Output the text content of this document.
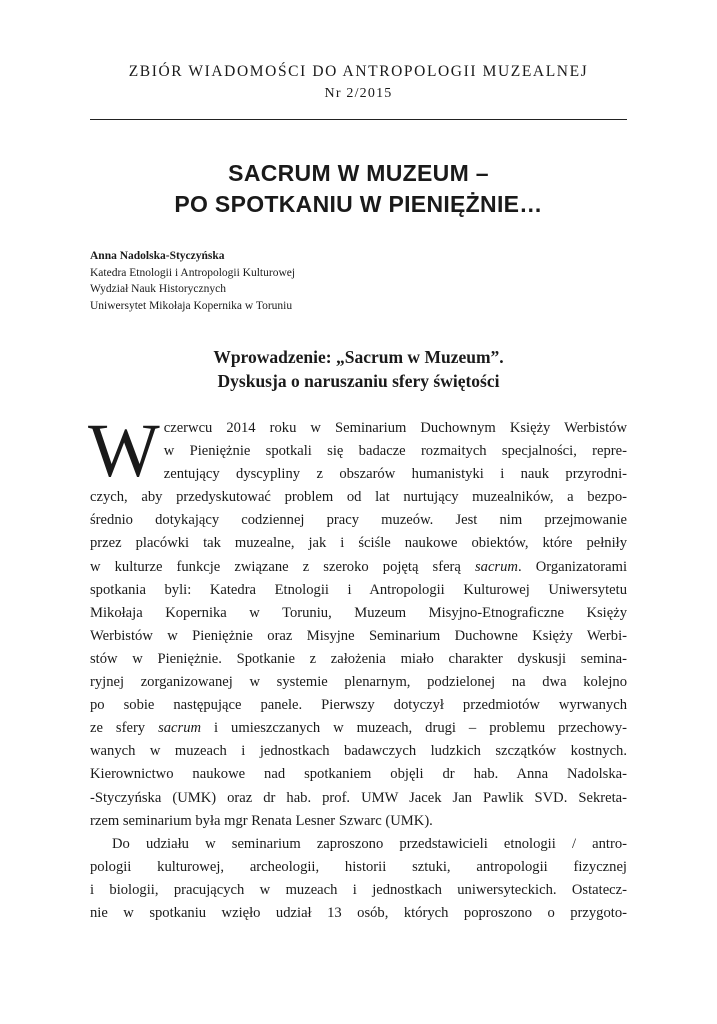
ZBIÓR WIADOMOŚCI DO ANTROPOLOGII MUZEALNEJ

Nr 2/2015

SACRUM W MUZEUM –
PO SPOTKANIU W PIENIĘŻNIE…
Anna Nadolska-Styczyńska
Katedra Etnologii i Antropologii Kulturowej
Wydział Nauk Historycznych
Uniwersytet Mikołaja Kopernika w Toruniu
Wprowadzenie: „Sacrum w Muzeum”.
Dyskusja o naruszaniu sfery świętości
W czerwcu 2014 roku w Seminarium Duchownym Księży Werbistów
w Pieniężnie spotkali się badacze rozmaitych specjalności, repre-
zentujący dyscypliny z obszarów humanistyki i nauk przyrodni-
czych, aby przedyskutować problem od lat nurtujący muzealników, a bezpo-
średnio dotykający codziennej pracy muzeów. Jest nim przejmowanie
przez placówki tak muzealne, jak i ściśle naukowe obiektów, które pełniły
w kulturze funkcje związane z szeroko pojętą sferą sacrum. Organizatorami
spotkania byli: Katedra Etnologii i Antropologii Kulturowej Uniwersytetu
Mikołaja Kopernika w Toruniu, Muzeum Misyjno-Etnograficzne Księży
Werbistów w Pieniężnie oraz Misyjne Seminarium Duchowne Księży Werbi-
stów w Pieniężnie. Spotkanie z założenia miało charakter dyskusji semina-
ryjnej zorganizowanej w systemie plenarnym, podzielonej na dwa kolejno
po sobie następujące panele. Pierwszy dotyczył przedmiotów wyrwanych
ze sfery sacrum i umieszczanych w muzeach, drugi – problemu przechowy-
wanych w muzeach i jednostkach badawczych ludzkich szczątków kostnych.
Kierownictwo naukowe nad spotkaniem objęli dr hab. Anna Nadolska-
-Styczyńska (UMK) oraz dr hab. prof. UMW Jacek Jan Pawlik SVD. Sekreta-
rzem seminarium była mgr Renata Lesner Szwarc (UMK).
Do udziału w seminarium zaproszono przedstawicieli etnologii / antro-
pologii kulturowej, archeologii, historii sztuki, antropologii fizycznej
i biologii, pracujących w muzeach i jednostkach uniwersyteckich. Ostatecz-
nie w spotkaniu wzięło udział 13 osób, których poproszono o przygoto-
